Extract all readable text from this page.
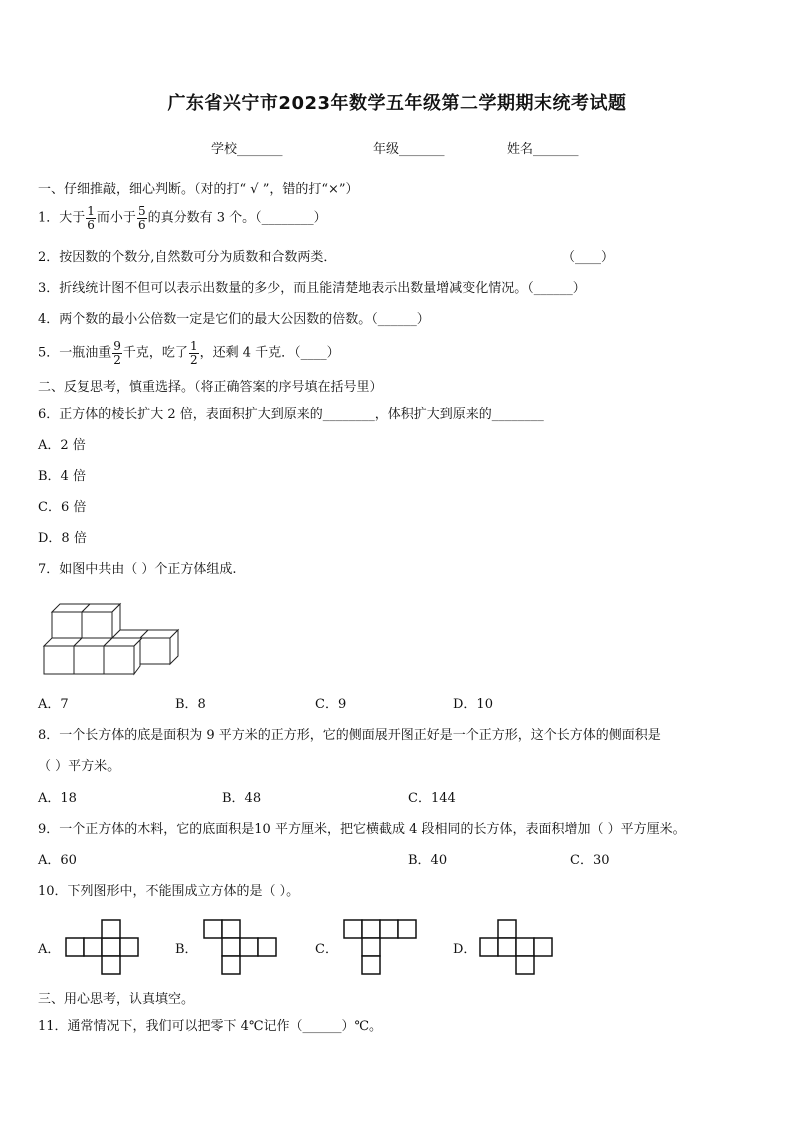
广东省兴宁市2023年数学五年级第二学期期末统考试题
学校_______	年级_______	姓名_______
一、仔细推敲，细心判断。（对的打“ √ ”，错的打“×”）
1．大于 $\frac{1}{6}$ 而小于 $\frac{5}{6}$ 的真分数有 3 个。（________）
2．按因数的个数分,自然数可分为质数和合数两类．	（____）
3．折线统计图不但可以表示出数量的多少，而且能清楚地表示出数量增减变化情况。（______）
4．两个数的最小公倍数一定是它们的最大公因数的倍数。（______）
5．一瓶油重 $\frac{9}{2}$ 千克，吃了 $\frac{1}{2}$ ，还剩 4 千克．（____）
二、反复思考，慎重选择。（将正确答案的序号填在括号里）
6．正方体的棱长扩大 2 倍，表面积扩大到原来的________，体积扩大到原来的________
A．2 倍
B．4 倍
C．6 倍
D．8 倍
7．如图中共由（ ）个正方体组成.
A．7	B．8	C．9	D．10
8．一个长方体的底是面积为 9 平方米的正方形，它的侧面展开图正好是一个正方形，这个长方体的侧面积是
（ ）平方米。
A．18	B．48	C．144
9．一个正方体的木料，它的底面积是10 平方厘米，把它横截成 4 段相同的长方体，表面积增加（ ）平方厘米。
A．60	B．40	C．30
10．下列图形中，不能围成立方体的是（ ）。
A．	B．	C．	D．
三、用心思考，认真填空。
11．通常情况下，我们可以把零下 4℃记作（______）℃。
